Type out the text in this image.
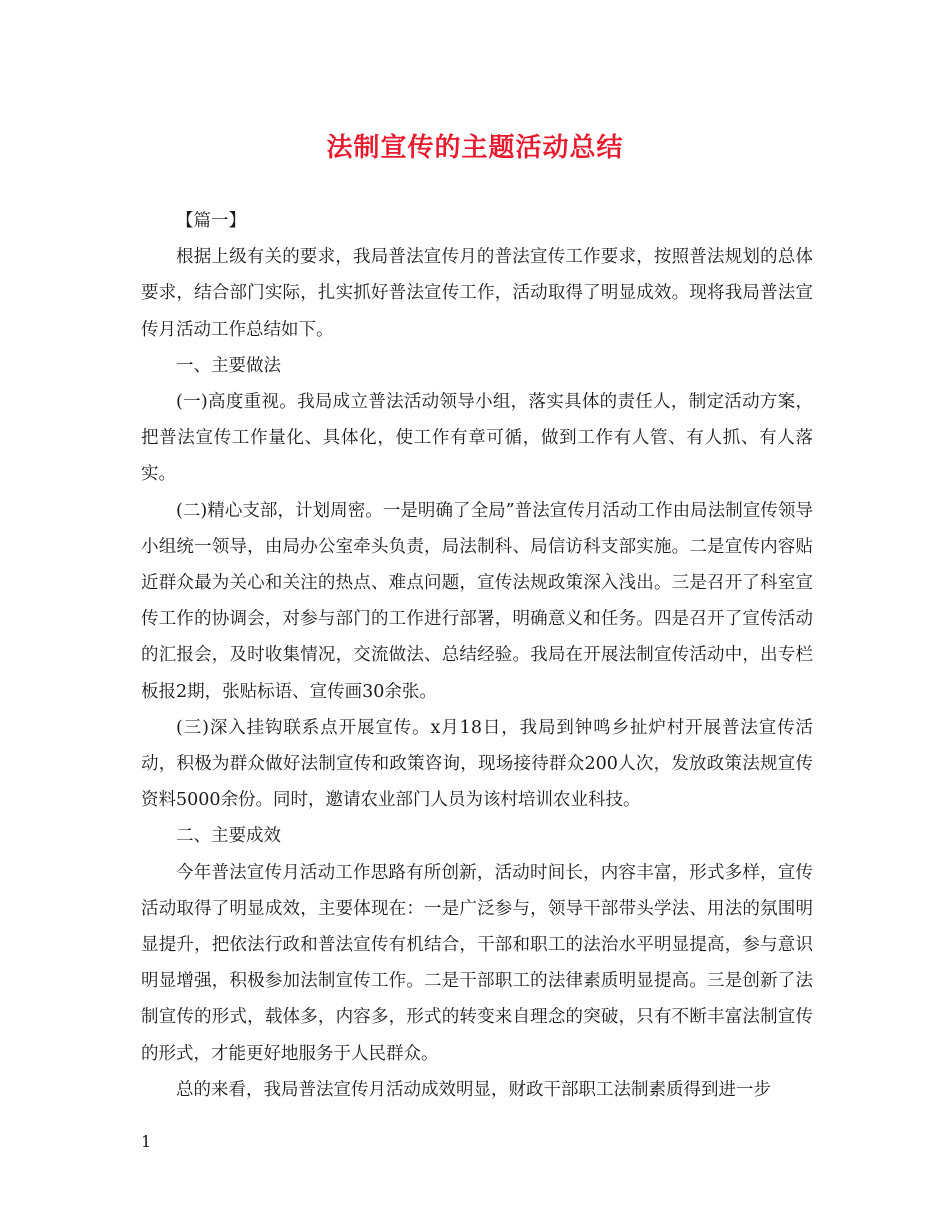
法制宣传的主题活动总结

【篇一】

根据上级有关的要求，我局普法宣传月的普法宣传工作要求，按照普法规划的总体要求，结合部门实际，扎实抓好普法宣传工作，活动取得了明显成效。现将我局普法宣传月活动工作总结如下。

一、主要做法

(一)高度重视。我局成立普法活动领导小组，落实具体的责任人，制定活动方案，把普法宣传工作量化、具体化，使工作有章可循，做到工作有人管、有人抓、有人落实。

(二)精心支部，计划周密。一是明确了全局”普法宣传月活动工作由局法制宣传领导小组统一领导，由局办公室牵头负责，局法制科、局信访科支部实施。二是宣传内容贴近群众最为关心和关注的热点、难点问题，宣传法规政策深入浅出。三是召开了科室宣传工作的协调会，对参与部门的工作进行部署，明确意义和任务。四是召开了宣传活动的汇报会，及时收集情况，交流做法、总结经验。我局在开展法制宣传活动中，出专栏板报2期，张贴标语、宣传画30余张。

(三)深入挂钩联系点开展宣传。x月18日，我局到钟鸣乡扯炉村开展普法宣传活动，积极为群众做好法制宣传和政策咨询，现场接待群众200人次，发放政策法规宣传资料5000余份。同时，邀请农业部门人员为该村培训农业科技。

二、主要成效

今年普法宣传月活动工作思路有所创新，活动时间长，内容丰富，形式多样，宣传活动取得了明显成效，主要体现在：一是广泛参与，领导干部带头学法、用法的氛围明显提升，把依法行政和普法宣传有机结合，干部和职工的法治水平明显提高，参与意识明显增强，积极参加法制宣传工作。二是干部职工的法律素质明显提高。三是创新了法制宣传的形式，载体多，内容多，形式的转变来自理念的突破，只有不断丰富法制宣传的形式，才能更好地服务于人民群众。

总的来看，我局普法宣传月活动成效明显，财政干部职工法制素质得到进一步

1
